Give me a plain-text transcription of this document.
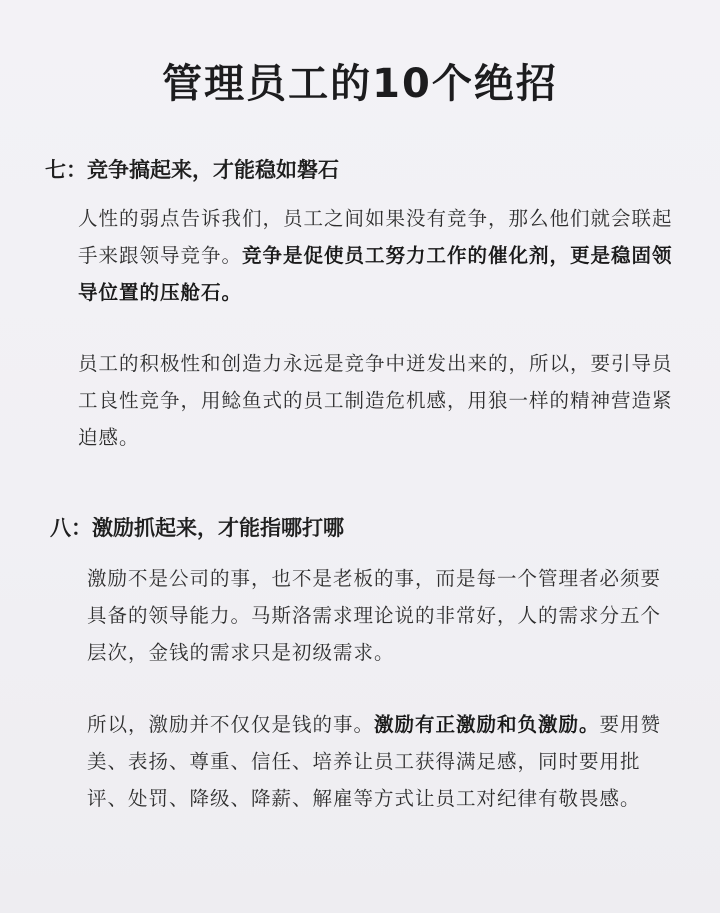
管理员工的10个绝招
七：竞争搞起来，才能稳如磐石
人性的弱点告诉我们，员工之间如果没有竞争，那么他们就会联起手来跟领导竞争。竞争是促使员工努力工作的催化剂，更是稳固领导位置的压舱石。
员工的积极性和创造力永远是竞争中迸发出来的，所以，要引导员工良性竞争，用鲶鱼式的员工制造危机感，用狼一样的精神营造紧迫感。
八：激励抓起来，才能指哪打哪
激励不是公司的事，也不是老板的事，而是每一个管理者必须要具备的领导能力。马斯洛需求理论说的非常好，人的需求分五个层次，金钱的需求只是初级需求。
所以，激励并不仅仅是钱的事。激励有正激励和负激励。要用赞美、表扬、尊重、信任、培养让员工获得满足感，同时要用批评、处罚、降级、降薪、解雇等方式让员工对纪律有敬畏感。
